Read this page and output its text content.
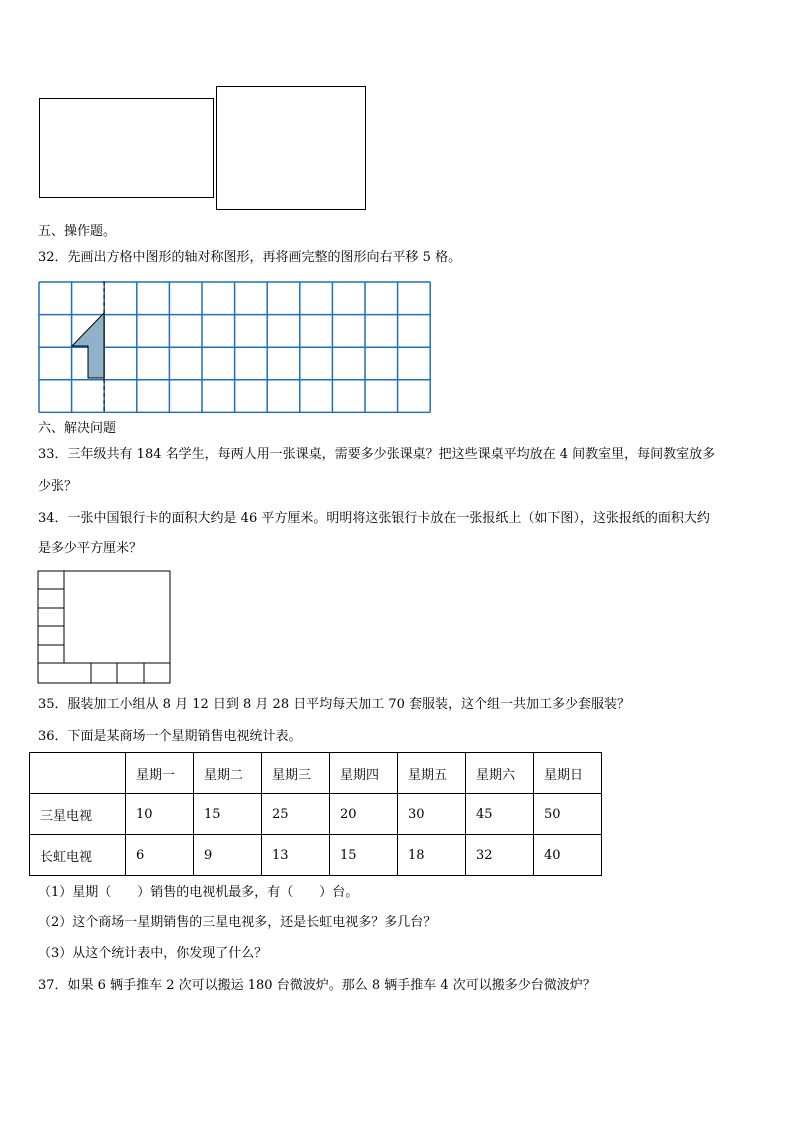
五、操作题。
32．先画出方格中图形的轴对称图形，再将画完整的图形向右平移 5 格。
六、解决问题
33．三年级共有 184 名学生，每两人用一张课桌，需要多少张课桌？把这些课桌平均放在 4 间教室里，每间教室放多
少张？
34．一张中国银行卡的面积大约是 46 平方厘米。明明将这张银行卡放在一张报纸上（如下图），这张报纸的面积大约
是多少平方厘米？
35．服装加工小组从 8 月 12 日到 8 月 28 日平均每天加工 70 套服装，这个组一共加工多少套服装？
36．下面是某商场一个星期销售电视统计表。
	星期一	星期二	星期三	星期四	星期五	星期六	星期日
三星电视	10	15	25	20	30	45	50
长虹电视	6	9	13	15	18	32	40
（1）星期（　　）销售的电视机最多，有（　　）台。
（2）这个商场一星期销售的三星电视多，还是长虹电视多？多几台？
（3）从这个统计表中，你发现了什么？
37．如果 6 辆手推车 2 次可以搬运 180 台微波炉。那么 8 辆手推车 4 次可以搬多少台微波炉？
